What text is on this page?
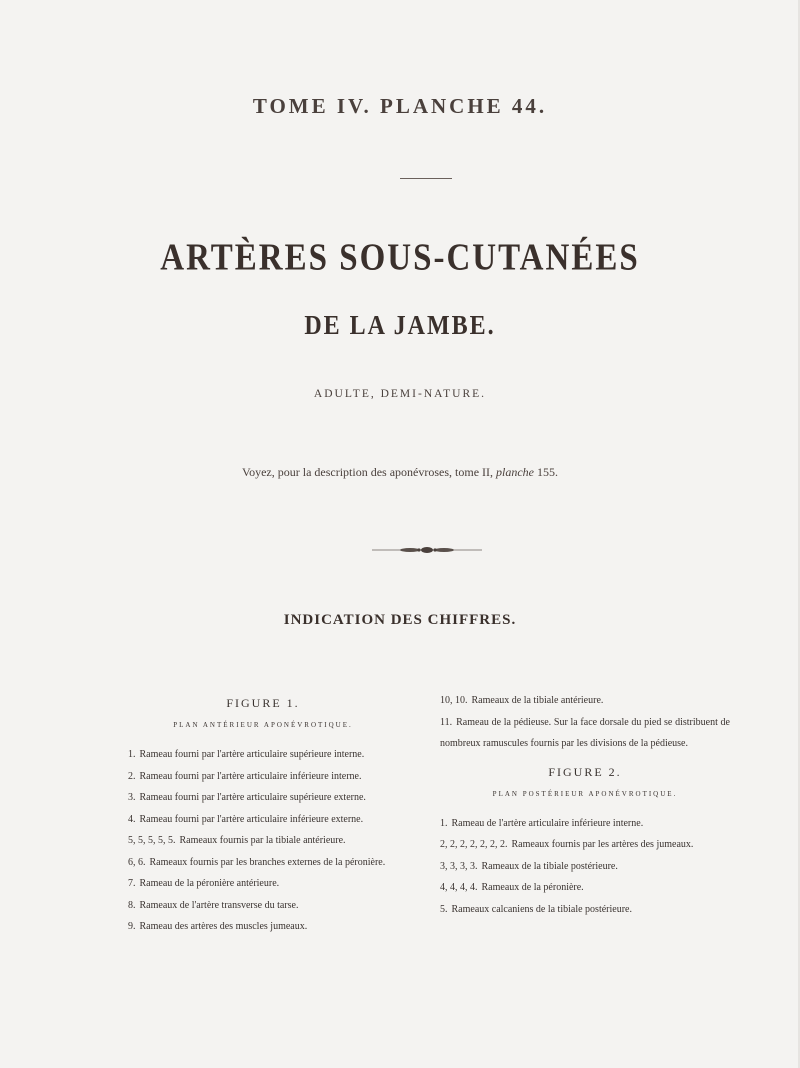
TOME IV. PLANCHE 44.
ARTÈRES SOUS-CUTANÉES
DE LA JAMBE.
ADULTE, DEMI-NATURE.
Voyez, pour la description des aponévroses, tome II, planche 155.
INDICATION DES CHIFFRES.
FIGURE 1.
PLAN ANTÉRIEUR APONÉVROTIQUE.
1. Rameau fourni par l'artère articulaire supérieure interne.
2. Rameau fourni par l'artère articulaire inférieure interne.
3. Rameau fourni par l'artère articulaire supérieure externe.
4. Rameau fourni par l'artère articulaire inférieure externe.
5, 5, 5, 5, 5. Rameaux fournis par la tibiale antérieure.
6, 6. Rameaux fournis par les branches externes de la péronière.
7. Rameau de la péronière antérieure.
8. Rameaux de l'artère transverse du tarse.
9. Rameau des artères des muscles jumeaux.
10, 10. Rameaux de la tibiale antérieure.
11. Rameau de la pédieuse. Sur la face dorsale du pied se distribuent de nombreux ramuscules fournis par les divisions de la pédieuse.
FIGURE 2.
PLAN POSTÉRIEUR APONÉVROTIQUE.
1. Rameau de l'artère articulaire inférieure interne.
2, 2, 2, 2, 2, 2, 2. Rameaux fournis par les artères des jumeaux.
3, 3, 3, 3. Rameaux de la tibiale postérieure.
4, 4, 4, 4. Rameaux de la péronière.
5. Rameaux calcaniens de la tibiale postérieure.
